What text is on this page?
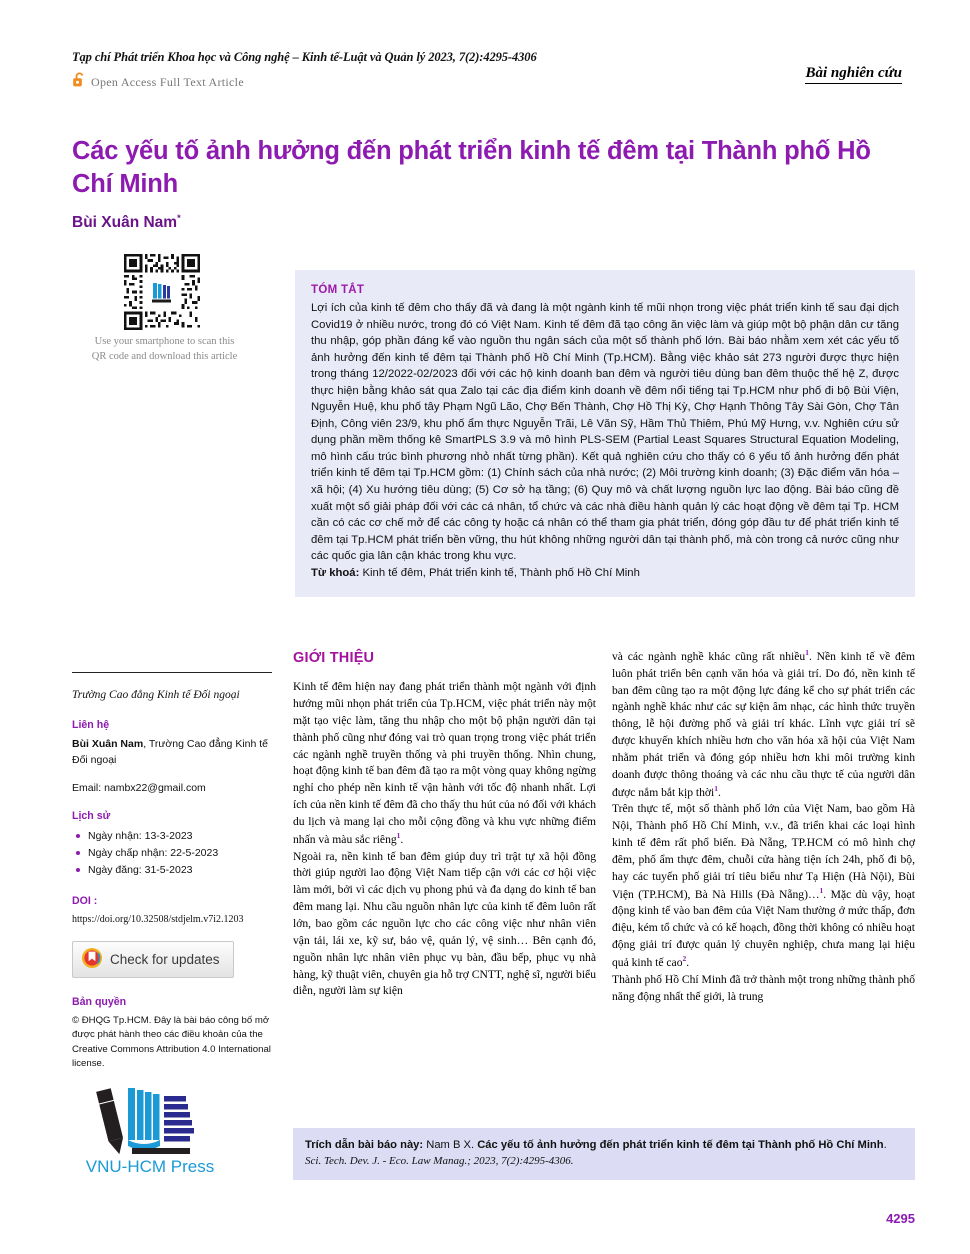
Tạp chí Phát triển Khoa học và Công nghệ – Kinh tế-Luật và Quản lý 2023, 7(2):4295-4306
Open Access Full Text Article
Bài nghiên cứu
Các yếu tố ảnh hưởng đến phát triển kinh tế đêm tại Thành phố Hồ Chí Minh
Bùi Xuân Nam*
Use your smartphone to scan this
QR code and download this article
TÓM TẮT
Lợi ích của kinh tế đêm cho thấy đã và đang là một ngành kinh tế mũi nhọn trong việc phát triển kinh tế sau đại dịch Covid19 ở nhiều nước, trong đó có Việt Nam. Kinh tế đêm đã tạo công ăn việc làm và giúp một bộ phận dân cư tăng thu nhập, góp phần đáng kể vào nguồn thu ngân sách của một số thành phố lớn. Bài báo nhằm xem xét các yếu tố ảnh hưởng đến kinh tế đêm tại Thành phố Hồ Chí Minh (Tp.HCM). Bằng việc khảo sát 273 người được thực hiện trong tháng 12/2022-02/2023 đối với các hộ kinh doanh ban đêm và người tiêu dùng ban đêm thuộc thế hệ Z, được thực hiện bằng khảo sát qua Zalo tại các địa điểm kinh doanh về đêm nổi tiếng tại Tp.HCM như phố đi bộ Bùi Viện, Nguyễn Huệ, khu phố tây Phạm Ngũ Lão, Chợ Bến Thành, Chợ Hồ Thị Kỳ, Chợ Hạnh Thông Tây Sài Gòn, Chợ Tân Định, Công viên 23/9, khu phố ẩm thực Nguyễn Trãi, Lê Văn Sỹ, Hầm Thủ Thiêm, Phú Mỹ Hưng, v.v. Nghiên cứu sử dụng phần mềm thống kê SmartPLS 3.9 và mô hình PLS-SEM (Partial Least Squares Structural Equation Modeling, mô hình cấu trúc bình phương nhỏ nhất từng phần). Kết quả nghiên cứu cho thấy có 6 yếu tố ảnh hưởng đến phát triển kinh tế đêm tại Tp.HCM gồm: (1) Chính sách của nhà nước; (2) Môi trường kinh doanh; (3) Đặc điểm văn hóa – xã hội; (4) Xu hướng tiêu dùng; (5) Cơ sở hạ tầng; (6) Quy mô và chất lượng nguồn lực lao động. Bài báo cũng đề xuất một số giải pháp đối với các cá nhân, tổ chức và các nhà điều hành quản lý các hoạt động về đêm tại Tp. HCM cần có các cơ chế mở để các công ty hoặc cá nhân có thể tham gia phát triển, đóng góp đầu tư để phát triển kinh tế đêm tại Tp.HCM phát triển bền vững, thu hút không những người dân tại thành phố, mà còn trong cả nước cũng như các quốc gia lân cận khác trong khu vực.
Từ khoá: Kinh tế đêm, Phát triển kinh tế, Thành phố Hồ Chí Minh
Trường Cao đẳng Kinh tế Đối ngoại
Liên hệ
Bùi Xuân Nam, Trường Cao đẳng Kinh tế Đối ngoại
Email: nambx22@gmail.com
Lịch sử
Ngày nhận: 13-3-2023
Ngày chấp nhận: 22-5-2023
Ngày đăng: 31-5-2023
DOI :
https://doi.org/10.32508/stdjelm.v7i2.1203
Check for updates
Bản quyền
© ĐHQG Tp.HCM. Đây là bài báo công bố mở được phát hành theo các điều khoản của the Creative Commons Attribution 4.0 International license.
VNU-HCM Press
GIỚI THIỆU

Kinh tế đêm hiện nay đang phát triển thành một ngành với định hướng mũi nhọn phát triển của Tp.HCM, việc phát triển này một mặt tạo việc làm, tăng thu nhập cho một bộ phận người dân tại thành phố cũng như đóng vai trò quan trọng trong việc phát triển các ngành nghề truyền thống và phi truyền thống. Nhìn chung, hoạt động kinh tế ban đêm đã tạo ra một vòng quay không ngừng nghỉ cho phép nền kinh tế vận hành với tốc độ nhanh nhất. Lợi ích của nền kinh tế đêm đã cho thấy thu hút của nó đối với khách du lịch và mang lại cho mỗi cộng đồng và khu vực những điểm nhấn và màu sắc riêng$^1$.

Ngoài ra, nền kinh tế ban đêm giúp duy trì trật tự xã hội đồng thời giúp người lao động Việt Nam tiếp cận với các cơ hội việc làm mới, bởi vì các dịch vụ phong phú và đa dạng do kinh tế ban đêm mang lại. Nhu cầu nguồn nhân lực của kinh tế đêm luôn rất lớn, bao gồm các nguồn lực cho các công việc như nhân viên vận tải, lái xe, kỹ sư, bảo vệ, quản lý, vệ sinh… Bên cạnh đó, nguồn nhân lực nhân viên phục vụ bàn, đầu bếp, phục vụ nhà hàng, kỹ thuật viên, chuyên gia hỗ trợ CNTT, nghệ sĩ, người biểu diễn, người làm sự kiện

và các ngành nghề khác cũng rất nhiều$^1$. Nền kinh tế về đêm luôn phát triển bên cạnh văn hóa và giải trí. Do đó, nền kinh tế ban đêm cũng tạo ra một động lực đáng kể cho sự phát triển các ngành nghề khác như các sự kiện âm nhạc, các hình thức truyền thông, lễ hội đường phố và giải trí khác. Lĩnh vực giải trí sẽ được khuyến khích nhiều hơn cho văn hóa xã hội của Việt Nam nhằm phát triển và đóng góp nhiều hơn khi môi trường kinh doanh được thông thoáng và các nhu cầu thực tế của người dân được nắm bắt kịp thời$^1$.

Trên thực tế, một số thành phố lớn của Việt Nam, bao gồm Hà Nội, Thành phố Hồ Chí Minh, v.v., đã triển khai các loại hình kinh tế đêm rất phổ biến. Đà Nẵng, TP.HCM có mô hình chợ đêm, phố ẩm thực đêm, chuỗi cửa hàng tiện ích 24h, phố đi bộ, hay các tuyến phố giải trí tiêu biểu như Tạ Hiện (Hà Nội), Bùi Viện (TP.HCM), Bà Nà Hills (Đà Nẵng)…$^1$. Mặc dù vậy, hoạt động kinh tế vào ban đêm của Việt Nam thường ở mức thấp, đơn điệu, kém tổ chức và có kế hoạch, đồng thời không có nhiều hoạt động giải trí được quản lý chuyên nghiệp, chưa mang lại hiệu quả kinh tế cao$^2$.

Thành phố Hồ Chí Minh đã trở thành một trong những thành phố năng động nhất thế giới, là trung

Trích dẫn bài báo này: Nam B X. Các yếu tố ảnh hưởng đến phát triển kinh tế đêm tại Thành phố Hồ Chí Minh. Sci. Tech. Dev. J. - Eco. Law Manag.; 2023, 7(2):4295-4306.
4295
